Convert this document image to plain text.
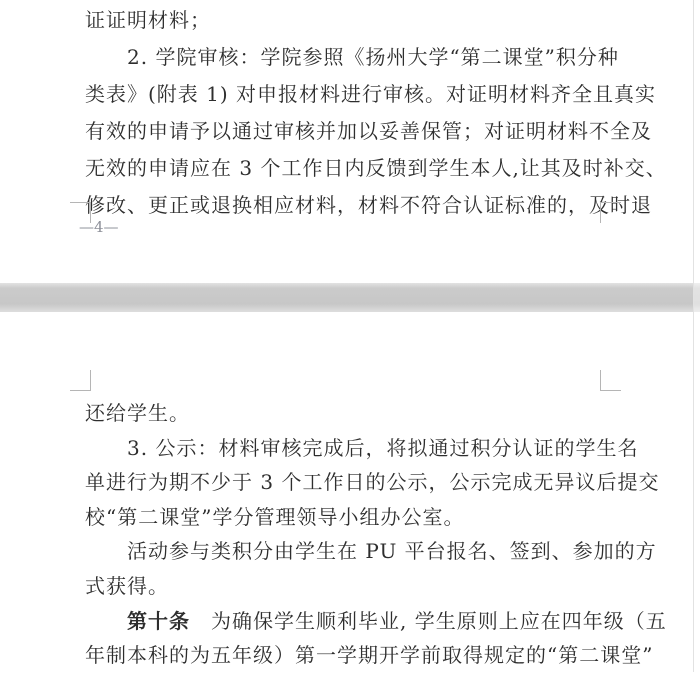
证证明材料；
2. 学院审核：学院参照《扬州大学“第二课堂”积分种
类表》(附表 1) 对申报材料进行审核。对证明材料齐全且真实
有效的申请予以通过审核并加以妥善保管；对证明材料不全及
无效的申请应在 3 个工作日内反馈到学生本人,让其及时补交、
修改、更正或退换相应材料，材料不符合认证标准的，及时退
—4—
还给学生。
3. 公示：材料审核完成后，将拟通过积分认证的学生名
单进行为期不少于 3 个工作日的公示，公示完成无异议后提交
校“第二课堂”学分管理领导小组办公室。
活动参与类积分由学生在 PU 平台报名、签到、参加的方
式获得。
第十条　为确保学生顺利毕业, 学生原则上应在四年级（五
年制本科的为五年级）第一学期开学前取得规定的“第二课堂”
